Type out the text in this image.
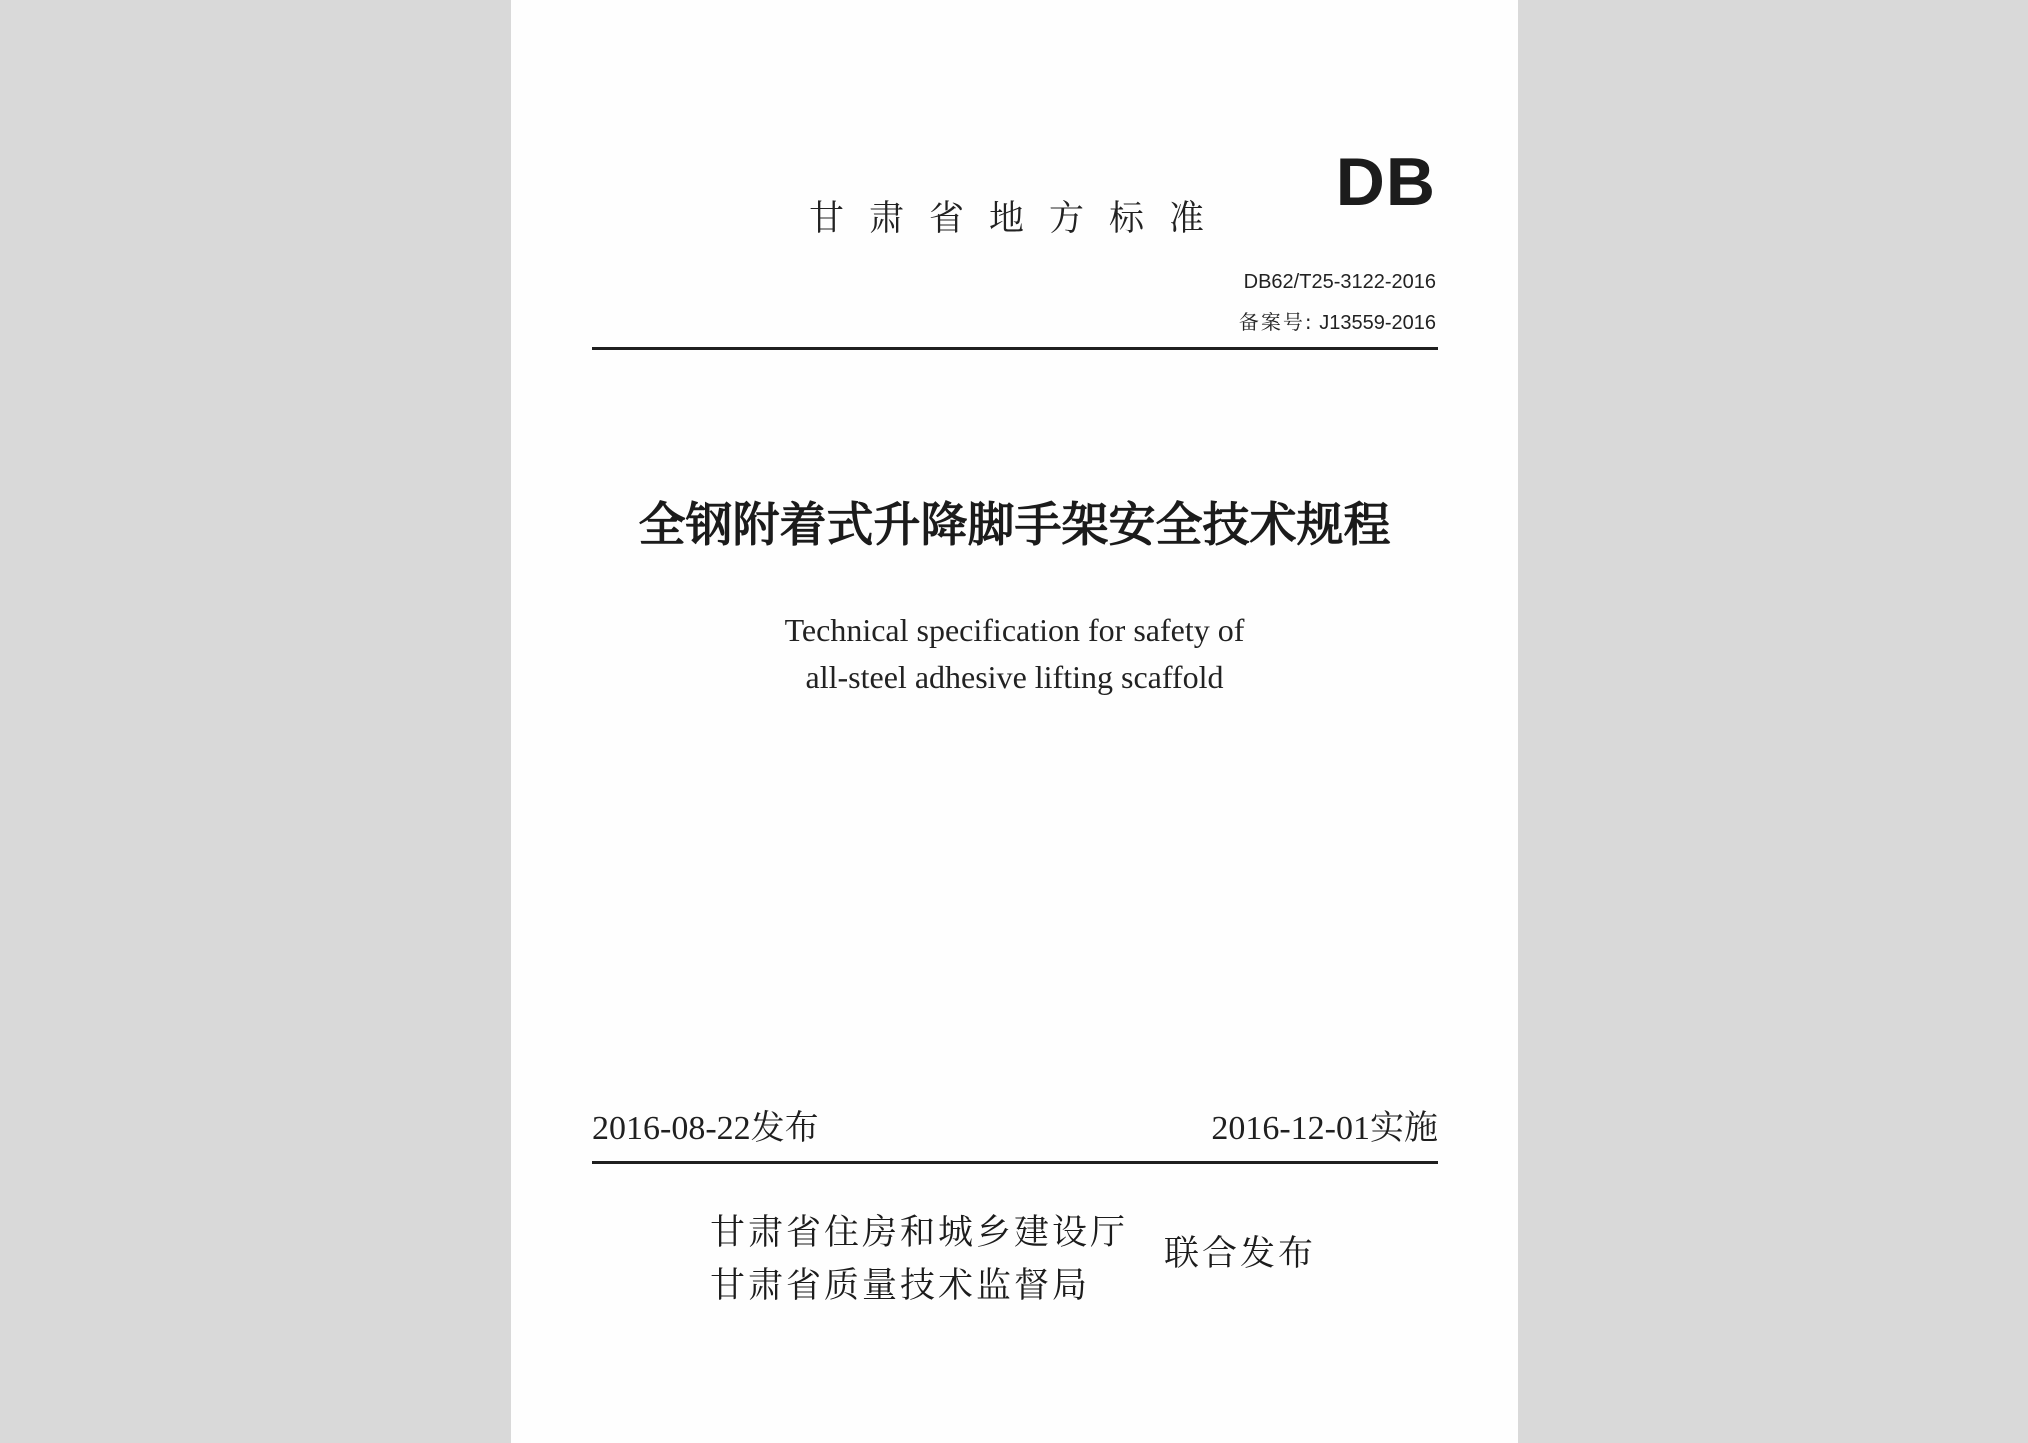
DB
甘肃省地方标准
DB62/T25-3122-2016
备案号: J13559-2016
全钢附着式升降脚手架安全技术规程
Technical specification for safety of
all-steel adhesive lifting scaffold
2016-08-22发布	2016-12-01实施
甘肃省住房和城乡建设厅
甘肃省质量技术监督局
联合发布
